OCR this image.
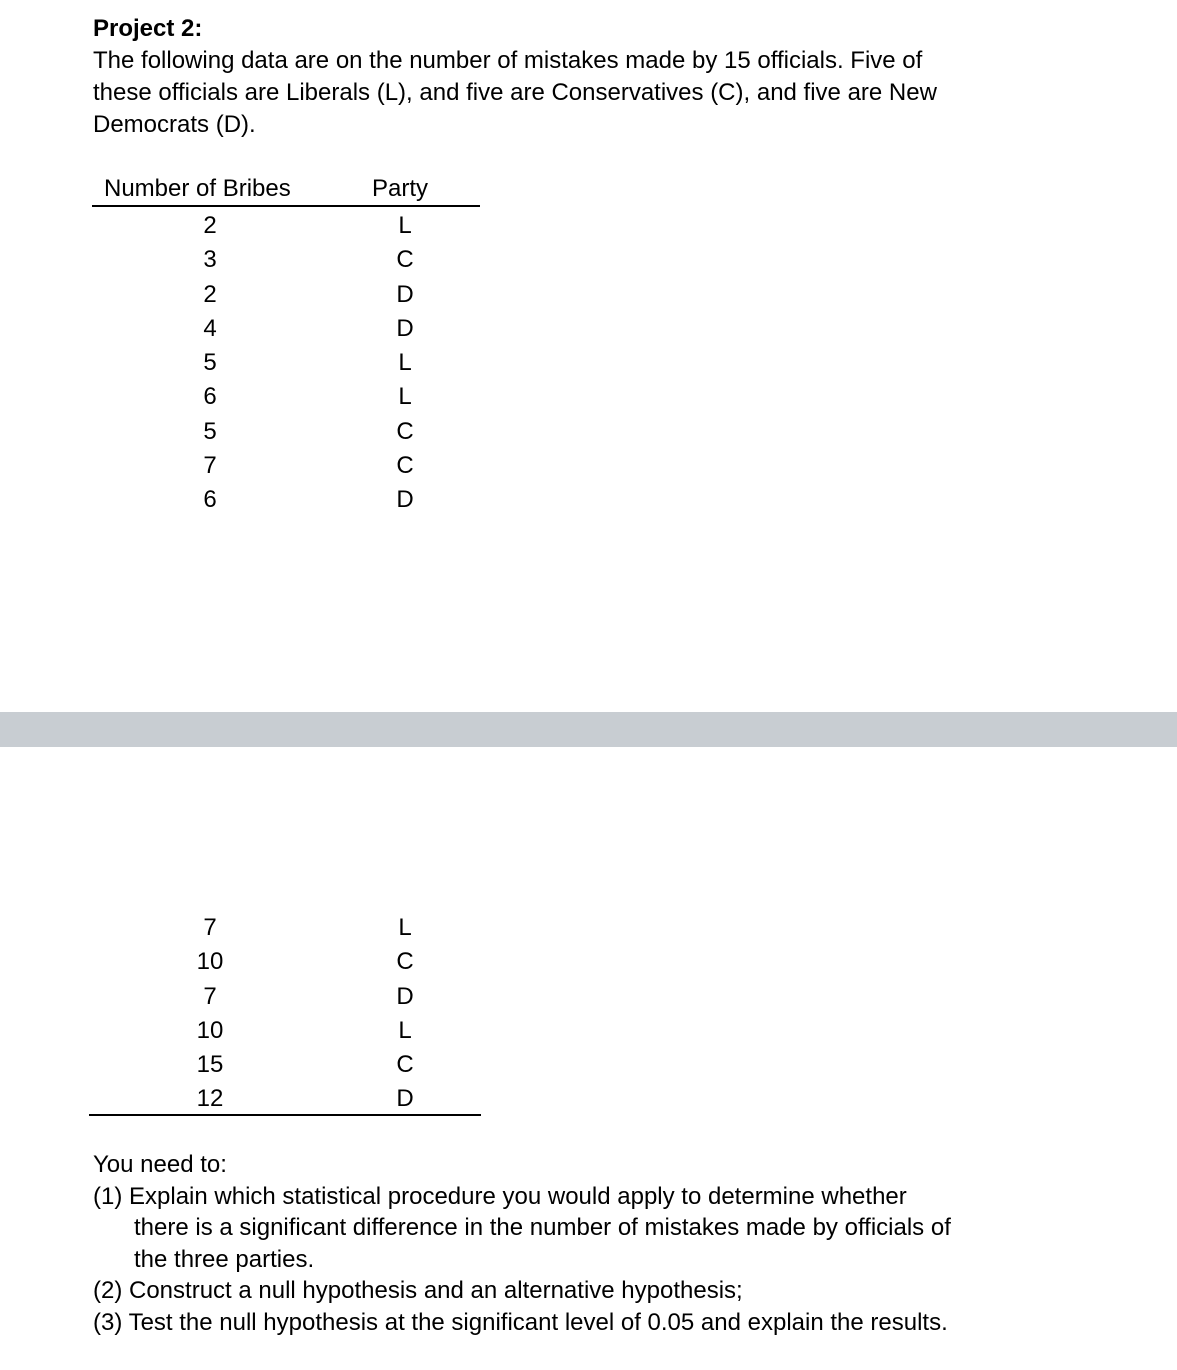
Project 2:
The following data are on the number of mistakes made by 15 officials. Five of
these officials are Liberals (L), and five are Conservatives (C), and five are New
Democrats (D).
Number of Bribes	Party
2	L
3	C
2	D
4	D
5	L
6	L
5	C
7	C
6	D
7	L
10	C
7	D
10	L
15	C
12	D
You need to:
(1) Explain which statistical procedure you would apply to determine whether
there is a significant difference in the number of mistakes made by officials of
the three parties.
(2) Construct a null hypothesis and an alternative hypothesis;
(3) Test the null hypothesis at the significant level of 0.05 and explain the results.
